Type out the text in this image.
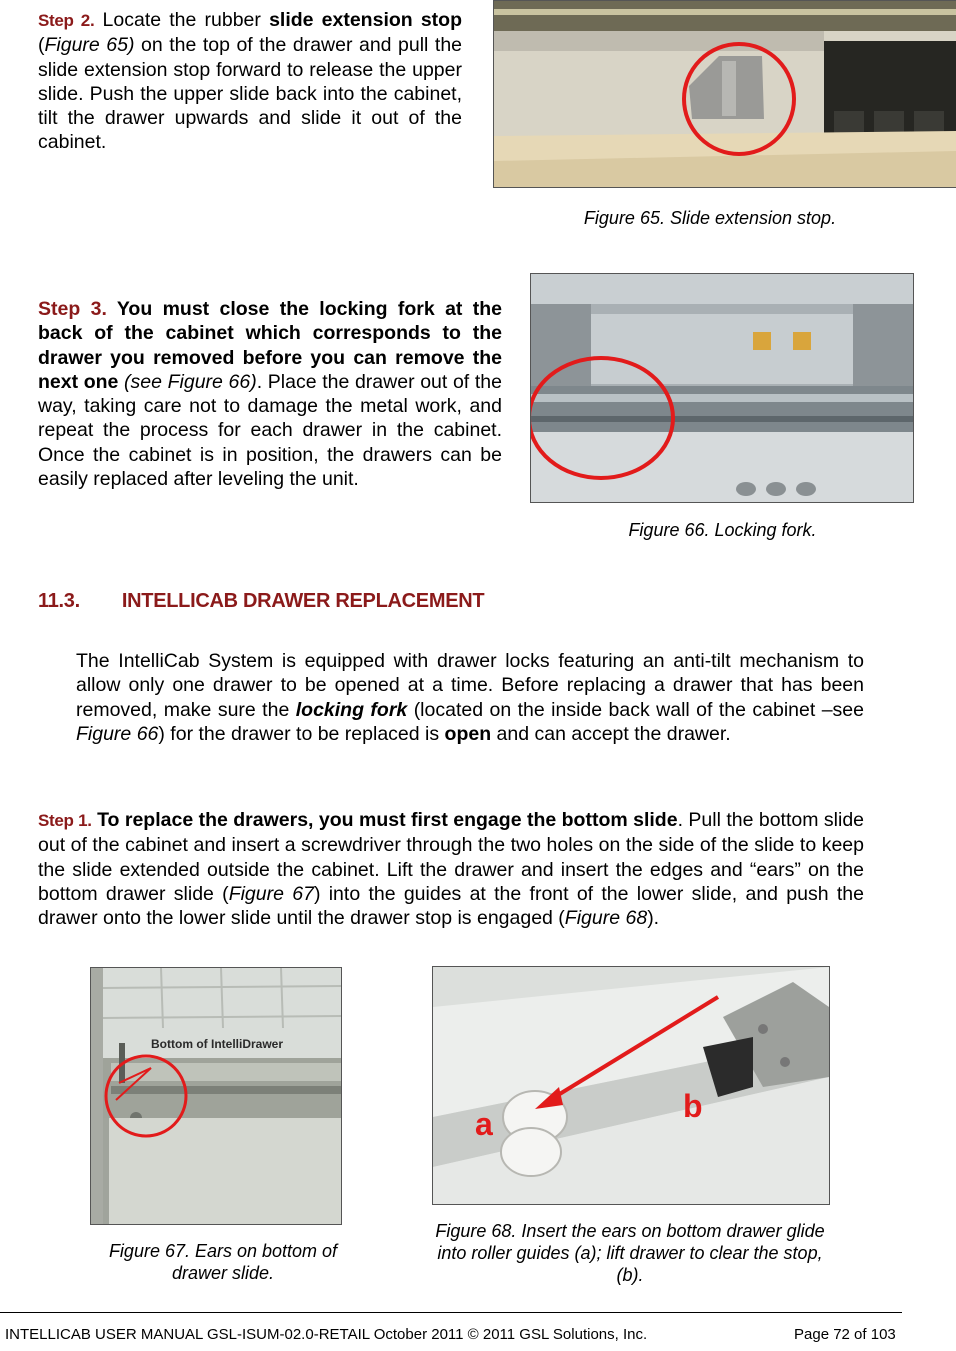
Step 2. Locate the rubber slide extension stop (Figure 65) on the top of the drawer and pull the slide extension stop forward to release the upper slide. Push the upper slide back into the cabinet, tilt the drawer upwards and slide it out of the cabinet.

Figure 65. Slide extension stop.

Step 3. You must close the locking fork at the back of the cabinet which corresponds to the drawer you removed before you can remove the next one (see Figure 66). Place the drawer out of the way, taking care not to damage the metal work, and repeat the process for each drawer in the cabinet. Once the cabinet is in position, the drawers can be easily replaced after leveling the unit.

Figure 66. Locking fork.
11.3. INTELLICAB DRAWER REPLACEMENT

The IntelliCab System is equipped with drawer locks featuring an anti-tilt mechanism to allow only one drawer to be opened at a time. Before replacing a drawer that has been removed, make sure the locking fork (located on the inside back wall of the cabinet –see Figure 66) for the drawer to be replaced is open and can accept the drawer.

Step 1. To replace the drawers, you must first engage the bottom slide. Pull the bottom slide out of the cabinet and insert a screwdriver through the two holes on the side of the slide to keep the slide extended outside the cabinet. Lift the drawer and insert the edges and “ears” on the bottom drawer slide (Figure 67) into the guides at the front of the lower slide, and push the drawer onto the lower slide until the drawer stop is engaged (Figure 68).

Bottom of IntelliDrawer
Figure 67. Ears on bottom of drawer slide.
a	b
Figure 68. Insert the ears on bottom drawer glide into roller guides (a); lift drawer to clear the stop, (b).
INTELLICAB USER MANUAL GSL-ISUM-02.0-RETAIL October 2011 © 2011 GSL Solutions, Inc.	Page 72 of 103
